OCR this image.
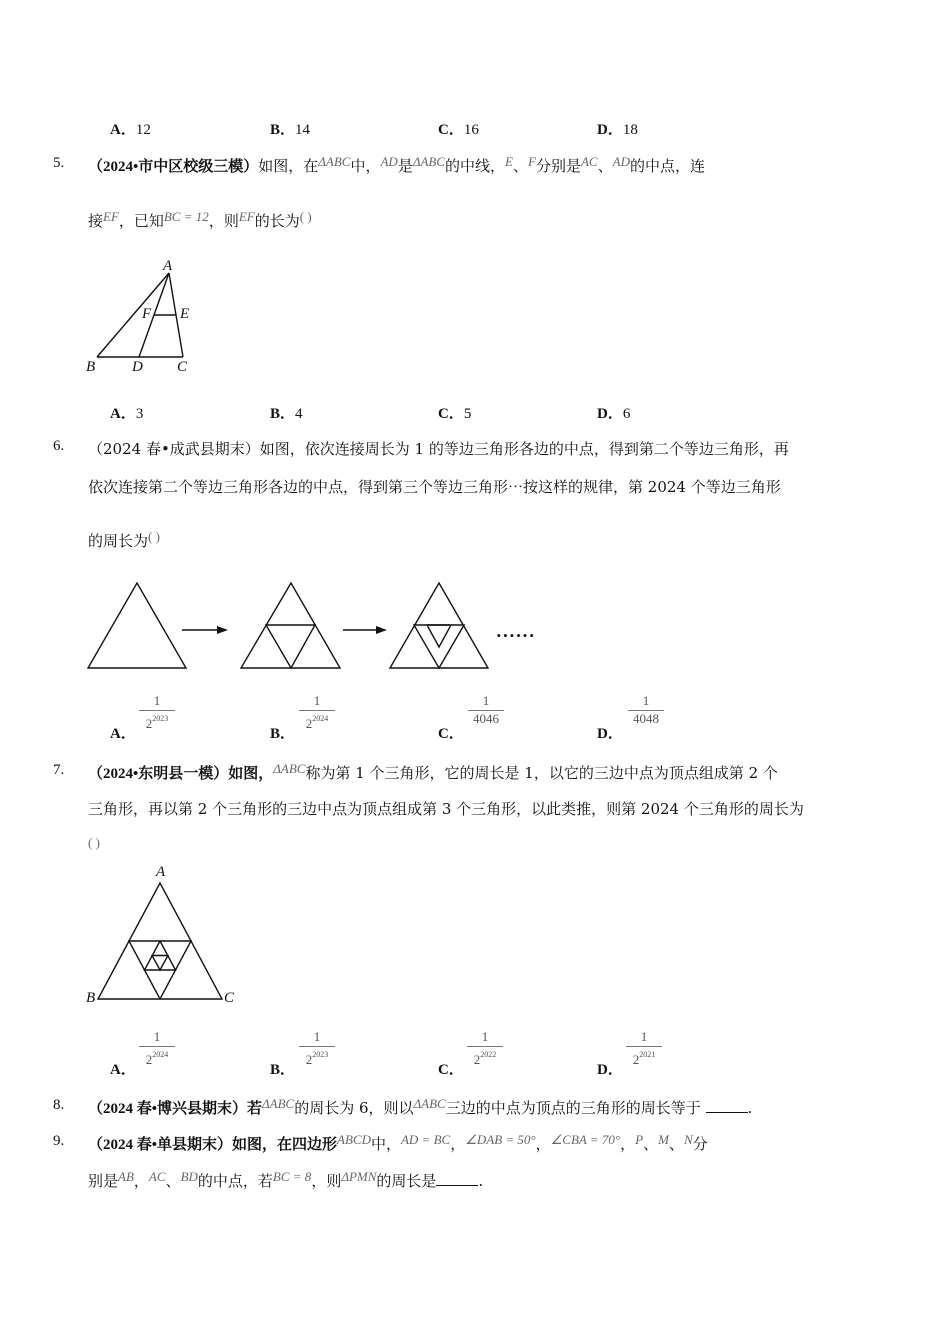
A．12	B．14	C．16	D．18
5. （2024•市中区校级三模）如图，在ΔABC中，AD是ΔABC的中线，E、F分别是AC、AD的中点，连
接EF，已知BC = 12，则EF的长为( )
A
F E
B D C
A．3	B．4	C．5	D．6
6. （2024 春•成武县期末）如图，依次连接周长为 1 的等边三角形各边的中点，得到第二个等边三角形，再
依次连接第二个等边三角形各边的中点，得到第三个等边三角形⋯按这样的规律，第 2024 个等边三角形
的周长为( )
......
A．
1
$2^{2023}$
B．
1
$2^{2024}$
C．
1
4046
D．
1
4048
7. （2024•东明县一模）如图，ΔABC称为第 1 个三角形，它的周长是 1，以它的三边中点为顶点组成第 2 个
三角形，再以第 2 个三角形的三边中点为顶点组成第 3 个三角形，以此类推，则第 2024 个三角形的周长为
( )
A
B	C
A．
1
$2^{2024}$
B．
1
$2^{2023}$
C．
1
$2^{2022}$
D．
1
$2^{2021}$
8. （2024 春•博兴县期末）若ΔABC的周长为 6，则以ΔABC三边的中点为顶点的三角形的周长等于	.
9. （2024 春•单县期末）如图，在四边形ABCD中，AD = BC，∠DAB = 50°，∠CBA = 70°，P、M、N分
别是AB，AC、BD的中点，若BC = 8，则ΔPMN的周长是	.
